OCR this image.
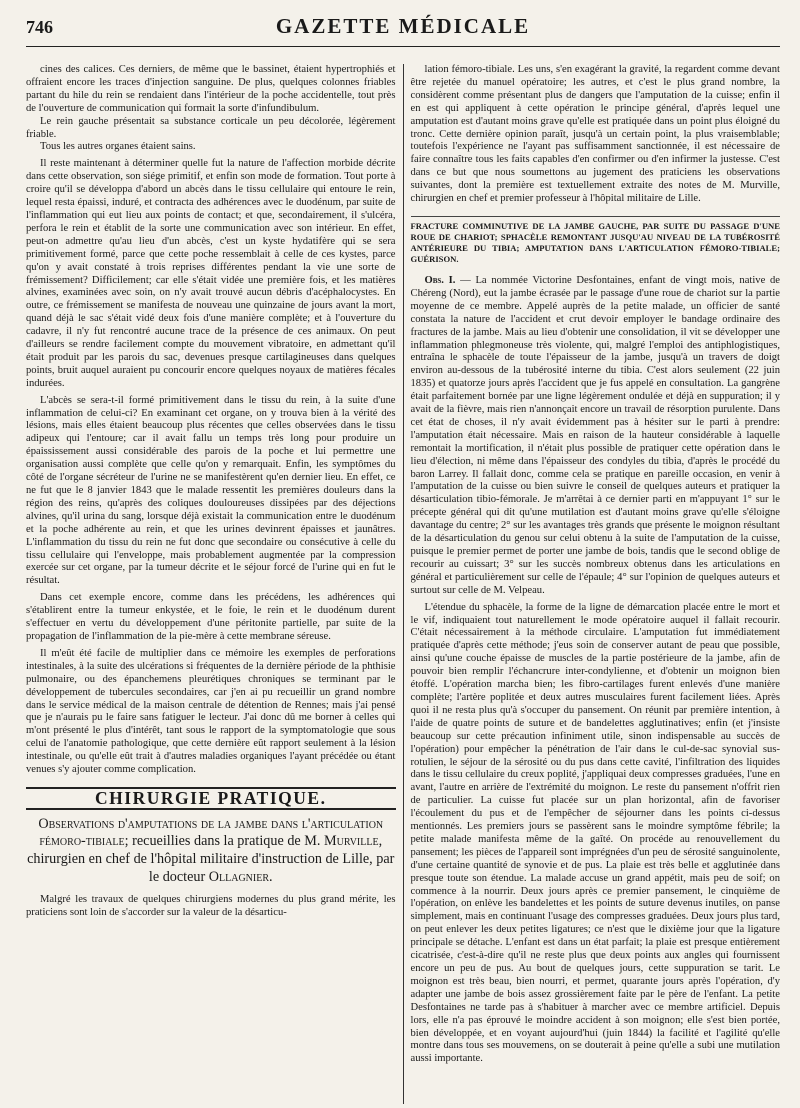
746	GAZETTE MÉDICALE

cines des calices. Ces derniers, de même que le bassinet, étaient hypertrophiés et offraient encore les traces d'injection sanguine. De plus, quelques colonnes friables partant du hile du rein se rendaient dans l'intérieur de la poche accidentelle, tout près de l'ouverture de communication qui formait la sorte d'infundibulum.

Le rein gauche présentait sa substance corticale un peu décolorée, légèrement friable.

Tous les autres organes étaient sains.

Il reste maintenant à déterminer quelle fut la nature de l'affection morbide décrite dans cette observation, son siége primitif, et enfin son mode de formation. Tout porte à croire qu'il se développa d'abord un abcès dans le tissu cellulaire qui entoure le rein, lequel resta épaissi, induré, et contracta des adhérences avec le duodénum, par suite de l'inflammation qui eut lieu aux points de contact; et que, secondairement, il s'ulcéra, perfora le rein et établit de la sorte une communication avec son intérieur. En effet, peut-on admettre qu'au lieu d'un abcès, c'est un kyste hydatifère qui se sera primitivement formé, parce que cette poche ressemblait à celle de ces kystes, parce qu'on y avait constaté à trois reprises différentes pendant la vie une sorte de frémissement? Difficilement; car elle s'était vidée une première fois, et les matières alvines, examinées avec soin, on n'y avait trouvé aucun débris d'acéphalocystes. En outre, ce frémissement se manifesta de nouveau une quinzaine de jours avant la mort, quand déjà le sac s'était vidé deux fois d'une manière complète; et à l'ouverture du cadavre, il n'y fut rencontré aucune trace de la présence de ces animaux. On peut d'ailleurs se rendre facilement compte du mouvement vibratoire, en admettant qu'il était produit par les parois du sac, devenues presque cartilagineuses dans quelques points, bruit auquel auraient pu concourir encore quelques noyaux de matières fécales indurées.

L'abcès se sera-t-il formé primitivement dans le tissu du rein, à la suite d'une inflammation de celui-ci? En examinant cet organe, on y trouva bien à la vérité des lésions, mais elles étaient beaucoup plus récentes que celles observées dans le tissu adipeux qui l'entoure; car il avait fallu un temps très long pour produire un épaississement aussi considérable des parois de la poche et lui permettre une organisation aussi complète que celle qu'on y remarquait. Enfin, les symptômes du côté de l'organe sécréteur de l'urine ne se manifestèrent qu'en dernier lieu. En effet, ce ne fut que le 8 janvier 1843 que le malade ressentit les premières douleurs dans la région des reins, qu'après des coliques douloureuses dissipées par des déjections alvines, qu'il urina du sang, lorsque déjà existait la communication entre le duodénum et la poche adhérente au rein, et que les urines devinrent épaisses et jaunâtres. L'inflammation du tissu du rein ne fut donc que secondaire ou consécutive à celle du tissu cellulaire qui l'enveloppe, mais probablement augmentée par la compression exercée sur cet organe, par la tumeur décrite et le séjour forcé de l'urine qui en fut le résultat.

Dans cet exemple encore, comme dans les précédens, les adhérences qui s'établirent entre la tumeur enkystée, et le foie, le rein et le duodénum durent s'effectuer en vertu du développement d'une péritonite partielle, par suite de la propagation de l'inflammation de la pie-mère à cette membrane séreuse.

Il m'eût été facile de multiplier dans ce mémoire les exemples de perforations intestinales, à la suite des ulcérations si fréquentes de la dernière période de la phthisie pulmonaire, ou des épanchemens pleurétiques chroniques se terminant par le développement de tubercules secondaires, car j'en ai pu recueillir un grand nombre dans le service médical de la maison centrale de détention de Rennes; mais j'ai pensé que je n'aurais pu le faire sans fatiguer le lecteur. J'ai donc dû me borner à celles qui m'ont présenté le plus d'intérêt, tant sous le rapport de la symptomatologie que sous celui de l'anatomie pathologique, que cette dernière eût rapport seulement à la lésion intestinale, ou qu'elle eût trait à d'autres maladies organiques l'ayant précédée ou étant venues s'y ajouter comme complication.

CHIRURGIE PRATIQUE.
Observations d'amputations de la jambe dans l'articulation fémoro-tibiale; recueillies dans la pratique de M. Murville, chirurgien en chef de l'hôpital militaire d'instruction de Lille, par le docteur Ollagnier.

Malgré les travaux de quelques chirurgiens modernes du plus grand mérite, les praticiens sont loin de s'accorder sur la valeur de la désarticu-

lation fémoro-tibiale. Les uns, s'en exagérant la gravité, la regardent comme devant être rejetée du manuel opératoire; les autres, et c'est le plus grand nombre, la considèrent comme présentant plus de dangers que l'amputation de la cuisse; enfin il en est qui appliquent à cette opération le principe général, d'après lequel une amputation est d'autant moins grave qu'elle est pratiquée dans un point plus éloigné du tronc. Cette dernière opinion paraît, jusqu'à un certain point, la plus vraisemblable; toutefois l'expérience ne l'ayant pas suffisamment sanctionnée, il est nécessaire de faire connaître tous les faits capables d'en confirmer ou d'en infirmer la justesse. C'est dans ce but que nous soumettons au jugement des praticiens les observations suivantes, dont la première est textuellement extraite des notes de M. Murville, chirurgien en chef et premier professeur à l'hôpital militaire de Lille.

FRACTURE COMMINUTIVE DE LA JAMBE GAUCHE, PAR SUITE DU PASSAGE D'UNE ROUE DE CHARIOT; SPHACÈLE REMONTANT JUSQU'AU NIVEAU DE LA TUBÉROSITÉ ANTÉRIEURE DU TIBIA; AMPUTATION DANS L'ARTICULATION FÉMORO-TIBIALE; GUÉRISON.

Obs. I. — La nommée Victorine Desfontaines, enfant de vingt mois, native de Chéreng (Nord), eut la jambe écrasée par le passage d'une roue de chariot sur la partie moyenne de ce membre. Appelé auprès de la petite malade, un officier de santé constata la nature de l'accident et crut devoir employer le bandage ordinaire des fractures de la jambe. Mais au lieu d'obtenir une consolidation, il vit se développer une inflammation phlegmoneuse très violente, qui, malgré l'emploi des antiphlogistiques, entraîna le sphacèle de toute l'épaisseur de la jambe, jusqu'à un travers de doigt environ au-dessous de la tubérosité interne du tibia. C'est alors seulement (22 juin 1835) et quatorze jours après l'accident que je fus appelé en consultation. La gangrène était parfaitement bornée par une ligne légèrement ondulée et déjà en suppuration; il y avait de la fièvre, mais rien n'annonçait encore un travail de résorption purulente. Dans cet état de choses, il n'y avait évidemment pas à hésiter sur le parti à prendre: l'amputation était nécessaire. Mais en raison de la hauteur considérable à laquelle remontait la mortification, il n'était plus possible de pratiquer cette opération dans le lieu d'élection, ni même dans l'épaisseur des condyles du tibia, d'après le procédé du baron Larrey. Il fallait donc, comme cela se pratique en pareille occasion, en venir à l'amputation de la cuisse ou bien suivre le conseil de quelques auteurs et pratiquer la désarticulation tibio-fémorale. Je m'arrêtai à ce dernier parti en m'appuyant 1° sur le précepte général qui dit qu'une mutilation est d'autant moins grave qu'elle s'éloigne davantage du centre; 2° sur les avantages très grands que présente le moignon résultant de la désarticulation du genou sur celui obtenu à la suite de l'amputation de la cuisse, puisque le premier permet de porter une jambe de bois, tandis que le second oblige de recourir au cuissart; 3° sur les succès nombreux obtenus dans les articulations en général et particulièrement sur celle de l'épaule; 4° sur l'opinion de quelques auteurs et surtout sur celle de M. Velpeau.

L'étendue du sphacèle, la forme de la ligne de démarcation placée entre le mort et le vif, indiquaient tout naturellement le mode opératoire auquel il fallait recourir. C'était nécessairement à la méthode circulaire. L'amputation fut immédiatement pratiquée d'après cette méthode; j'eus soin de conserver autant de peau que possible, ainsi qu'une couche épaisse de muscles de la partie postérieure de la jambe, afin de pouvoir bien remplir l'échancrure inter-condylienne, et d'obtenir un moignon bien étoffé. L'opération marcha bien; les fibro-cartilages furent enlevés d'une manière complète; l'artère poplitée et deux autres musculaires furent facilement liées. Après quoi il ne resta plus qu'à s'occuper du pansement. On réunit par première intention, à l'aide de quatre points de suture et de bandelettes agglutinatives; enfin (et j'insiste beaucoup sur cette précaution infiniment utile, sinon indispensable au succès de l'opération) pour empêcher la pénétration de l'air dans le cul-de-sac synovial sus-rotulien, le séjour de la sérosité ou du pus dans cette cavité, l'infiltration des liquides dans le tissu cellulaire du creux poplité, j'appliquai deux compresses graduées, l'une en avant, l'autre en arrière de l'extrémité du moignon. Le reste du pansement n'offrit rien de particulier. La cuisse fut placée sur un plan horizontal, afin de favoriser l'écoulement du pus et de l'empêcher de séjourner dans les points ci-dessus mentionnés. Les premiers jours se passèrent sans le moindre symptôme fébrile; la petite malade manifesta même de la gaîté. On procéde au renouvellement du pansement; les pièces de l'appareil sont imprégnées d'un peu de sérosité sanguinolente, d'une certaine quantité de synovie et de pus. La plaie est très belle et agglutinée dans presque toute son étendue. La malade accuse un grand appétit, mais peu de soif; on commence à la nourrir. Deux jours après ce premier pansement, le cinquième de l'opération, on enlève les bandelettes et les points de suture devenus inutiles, on panse simplement, mais en continuant l'usage des compresses graduées. Deux jours plus tard, on peut enlever les deux petites ligatures; ce n'est que le dixième jour que la ligature principale se détache. L'enfant est dans un état parfait; la plaie est presque entièrement cicatrisée, c'est-à-dire qu'il ne reste plus que deux points aux angles qui fournissent encore un peu de pus. Au bout de quelques jours, cette suppuration se tarit. Le moignon est très beau, bien nourri, et permet, quarante jours après l'opération, d'y adapter une jambe de bois assez grossièrement faite par le père de l'enfant. La petite Desfontaines ne tarde pas à s'habituer à marcher avec ce membre artificiel. Depuis lors, elle n'a pas éprouvé le moindre accident à son moignon; elle s'est bien portée, bien développée, et en voyant aujourd'hui (juin 1844) la facilité et l'agilité qu'elle montre dans tous ses mouvemens, on se douterait à peine qu'elle a subi une mutilation aussi importante.
